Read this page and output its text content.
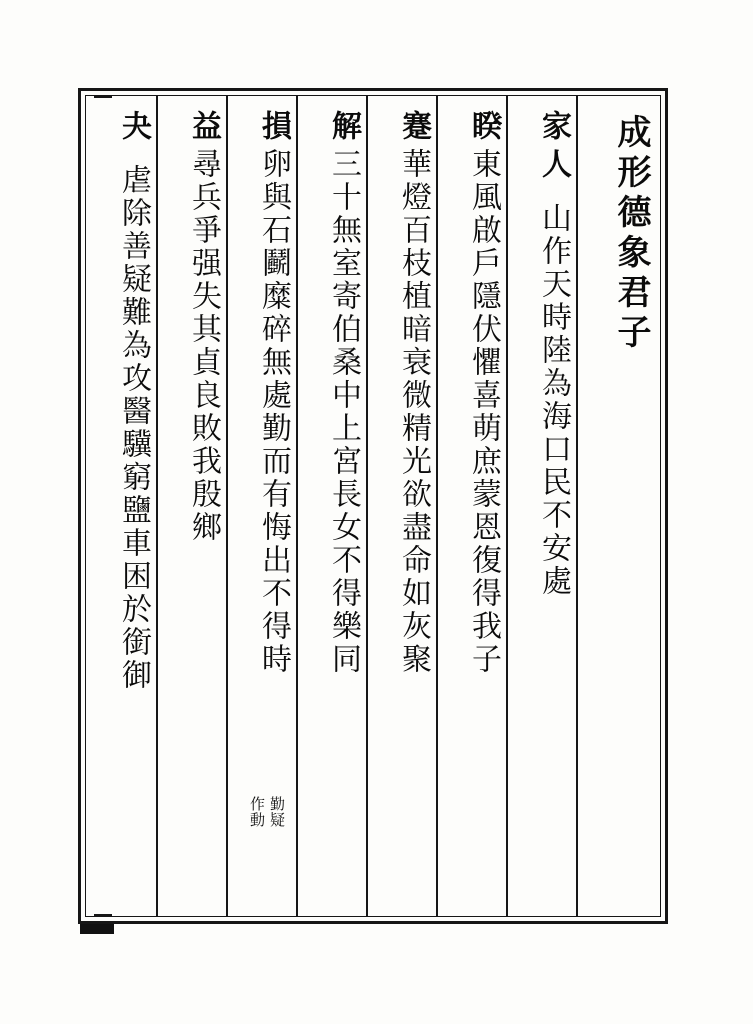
成形德象君子
家人山作天時陸為海口民不安處
睽東風啟戶隱伏懼喜萌庶蒙恩復得我子
蹇華燈百枝植暗衰微精光欲盡命如灰聚
解三十無室寄伯桑中上宮長女不得樂同
損卵與石鬬糜碎無處勤而有悔出不得時
勤疑
作動
益尋兵爭强失其貞良敗我殷鄉
夬虐除善疑難為攻醫驥窮鹽車困於銜御
